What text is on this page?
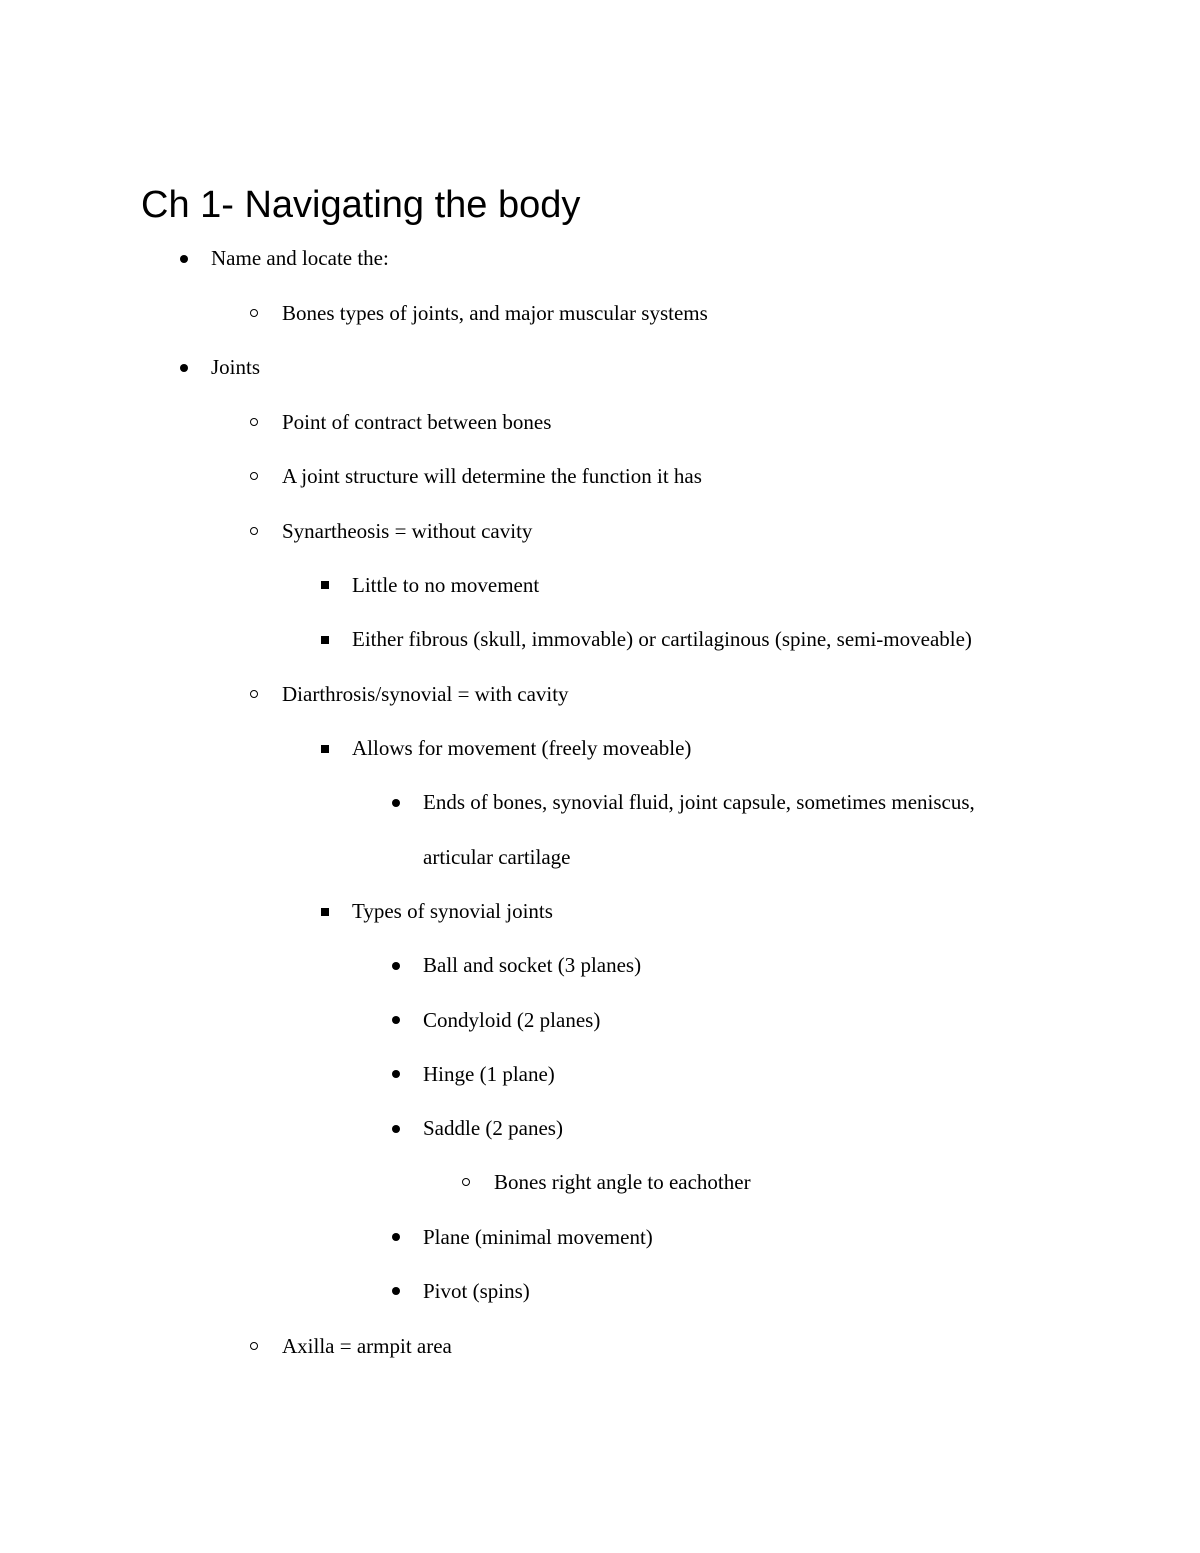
Ch 1- Navigating the body
Name and locate the:
Bones types of joints, and major muscular systems
Joints
Point of contract between bones
A joint structure will determine the function it has
Synartheosis = without cavity
Little to no movement
Either fibrous (skull, immovable) or cartilaginous (spine, semi-moveable)
Diarthrosis/synovial = with cavity
Allows for movement (freely moveable)
Ends of bones, synovial fluid, joint capsule, sometimes meniscus,
articular cartilage
Types of synovial joints
Ball and socket (3 planes)
Condyloid (2 planes)
Hinge (1 plane)
Saddle (2 panes)
Bones right angle to eachother
Plane (minimal movement)
Pivot (spins)
Axilla = armpit area
